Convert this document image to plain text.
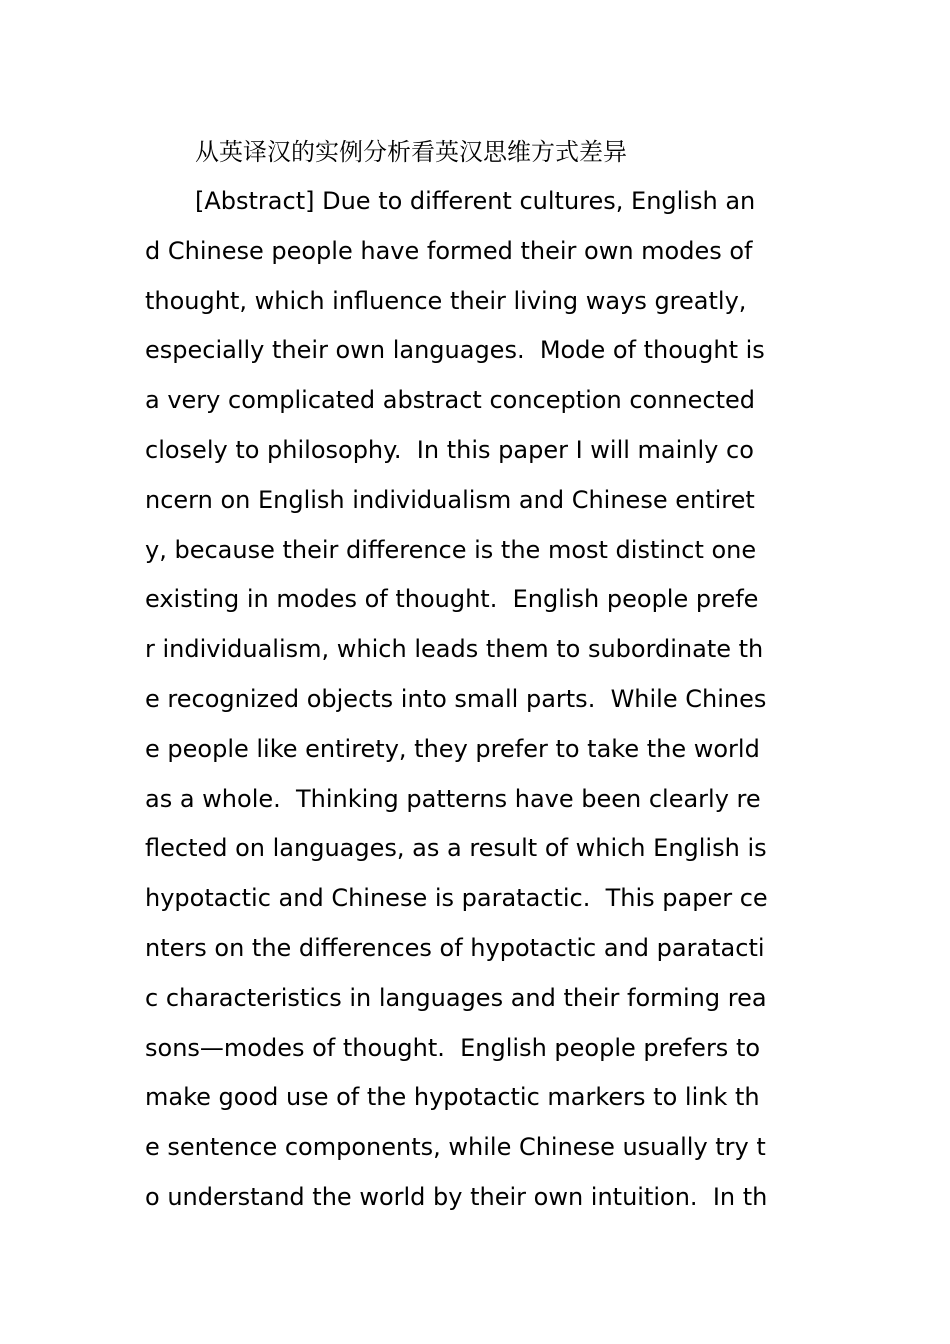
从英译汉的实例分析看英汉思维方式差异
[Abstract] Due to different cultures, English an
d Chinese people have formed their own modes of
thought, which influence their living ways greatly,
especially their own languages.  Mode of thought is
a very complicated abstract conception connected
closely to philosophy.  In this paper I will mainly co
ncern on English individualism and Chinese entiret
y, because their difference is the most distinct one
existing in modes of thought.  English people prefe
r individualism, which leads them to subordinate th
e recognized objects into small parts.  While Chines
e people like entirety, they prefer to take the world
as a whole.  Thinking patterns have been clearly re
flected on languages, as a result of which English is
hypotactic and Chinese is paratactic.  This paper ce
nters on the differences of hypotactic and paratacti
c characteristics in languages and their forming rea
sons—modes of thought.  English people prefers to
make good use of the hypotactic markers to link th
e sentence components, while Chinese usually try t
o understand the world by their own intuition.  In th
